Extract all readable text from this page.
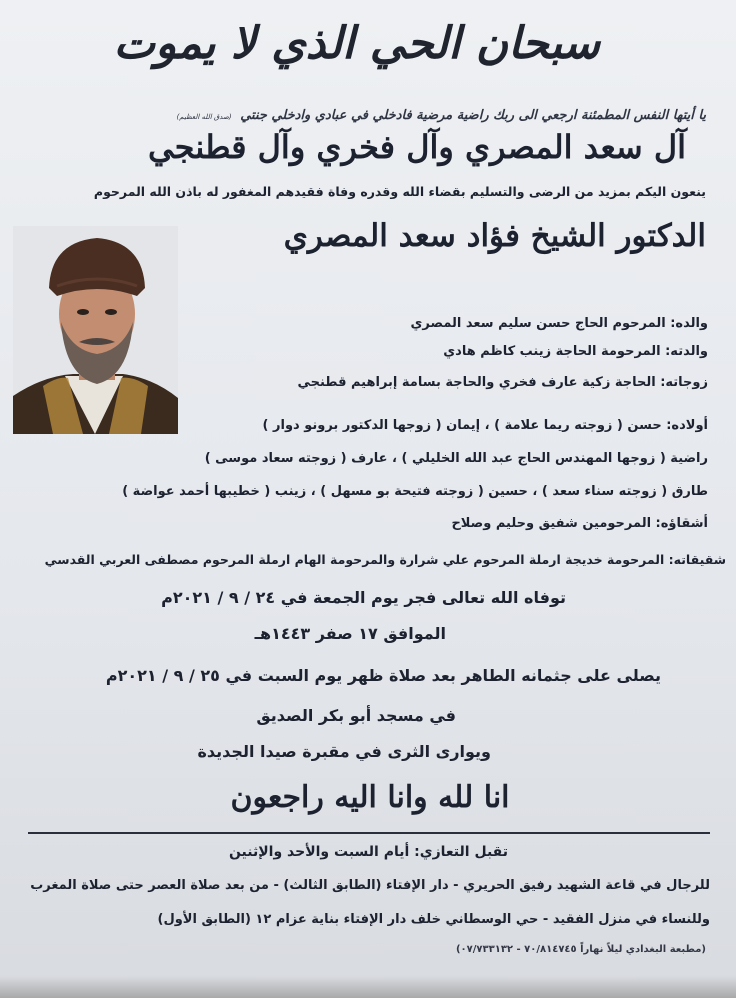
سبحان الحي الذي لا يموت
يا أيتها النفس المطمئنة ارجعي الى ربك راضية مرضية فادخلي في عبادي وادخلي جنتي (صدق الله العظيم)
آل سعد المصري وآل فخري وآل قطنجي
ينعون اليكم بمزيد من الرضى والتسليم بقضاء الله وقدره وفاة فقيدهم المغفور له باذن الله المرحوم
الدكتور الشيخ فؤاد سعد المصري
والده: المرحوم الحاج حسن سليم سعد المصري
والدته: المرحومة الحاجة زينب كاظم هادي
زوجاته: الحاجة زكية عارف فخري والحاجة بسامة إبراهيم قطنجي
أولاده: حسن ( زوجته ريما علامة ) ، إيمان ( زوجها الدكتور برونو دوار )
راضية ( زوجها المهندس الحاج عبد الله الخليلي ) ، عارف ( زوجته سعاد موسى )
طارق ( زوجته سناء سعد ) ، حسين ( زوجته فتيحة بو مسهل ) ، زينب ( خطيبها أحمد عواضة )
أشقاؤه: المرحومين شفيق وحليم وصلاح
شقيقاته: المرحومة خديجة ارملة المرحوم علي شرارة والمرحومة الهام ارملة المرحوم مصطفى العربي القدسي
توفاه الله تعالى فجر يوم الجمعة في ٢٤ / ٩ / ٢٠٢١م
الموافق ١٧ صفر ١٤٤٣هـ
يصلى على جثمانه الطاهر بعد صلاة ظهر يوم السبت في ٢٥ / ٩ / ٢٠٢١م
في مسجد أبو بكر الصديق
ويوارى الثرى في مقبرة صيدا الجديدة
انا لله وانا اليه راجعون
تقبل التعازي: أيام السبت والأحد والإثنين
للرجال في قاعة الشهيد رفيق الحريري - دار الإفتاء (الطابق الثالث) - من بعد صلاة العصر حتى صلاة المغرب
وللنساء في منزل الفقيد - حي الوسطاني خلف دار الإفتاء بناية عزام ١٢ (الطابق الأول)
(مطبعة البغدادي ليلاً نهاراً ٧٠/٨١٤٧٤٥ - ٠٧/٧٣٣١٣٢)
